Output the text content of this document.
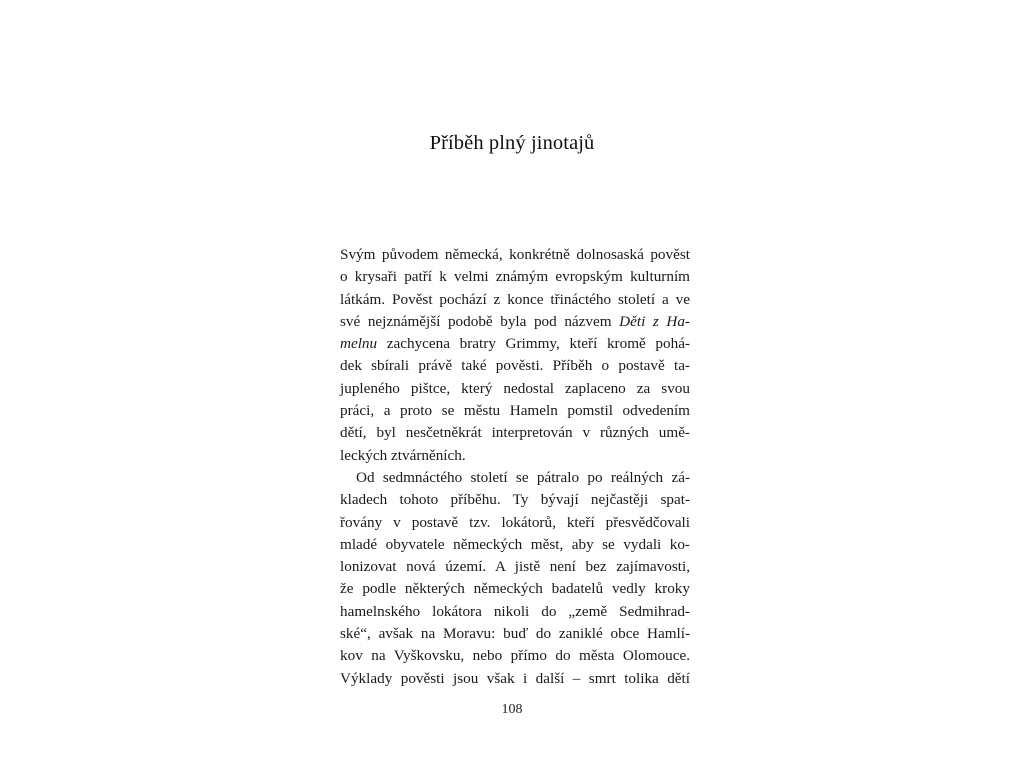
Příběh plný jinotajů
Svým původem německá, konkrétně dolnosaská pověst
o krysaři patří k velmi známým evropským kulturním
látkám. Pověst pochází z konce třináctého století a ve
své nejznámější podobě byla pod názvem Děti z Ha-
melnu zachycena bratry Grimmy, kteří kromě pohá-
dek sbírali právě také pověsti. Příběh o postavě ta-
jupleného pištce, který nedostal zaplaceno za svou
práci, a proto se městu Hameln pomstil odvedením
dětí, byl nesčetněkrát interpretován v různých umě-
leckých ztvárněních.
Od sedmnáctého století se pátralo po reálných zá-
kladech tohoto příběhu. Ty bývají nejčastěji spat-
řovány v postavě tzv. lokátorů, kteří přesvědčovali
mladé obyvatele německých měst, aby se vydali ko-
lonizovat nová území. A jistě není bez zajímavosti,
že podle některých německých badatelů vedly kroky
hamelnského lokátora nikoli do „země Sedmihrad-
ské“, avšak na Moravu: buď do zaniklé obce Hamlí-
kov na Vyškovsku, nebo přímo do města Olomouce.
Výklady pověsti jsou však i další – smrt tolika dětí
108
